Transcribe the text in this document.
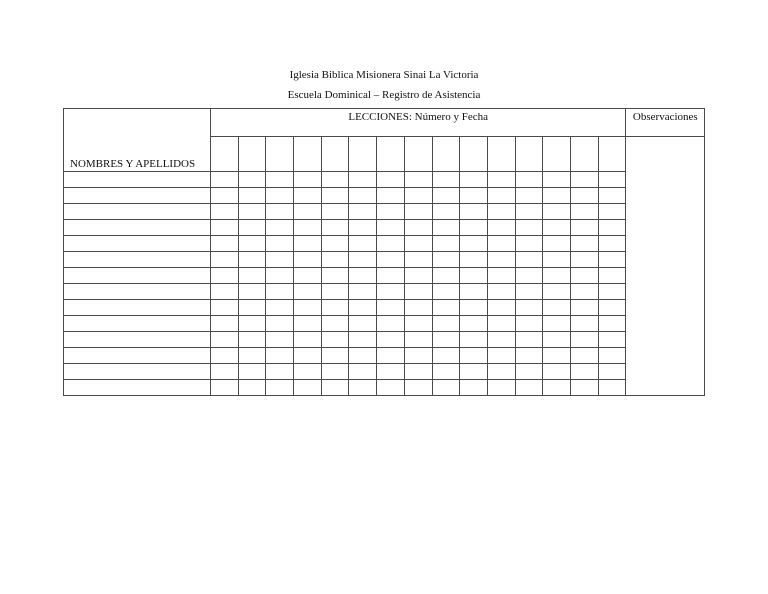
Iglesia Biblica Misionera Sinai La Victoria
Escuela Dominical – Registro de Asistencia
NOMBRES Y APELLIDOS	LECCIONES: Número y Fecha															Observaciones
